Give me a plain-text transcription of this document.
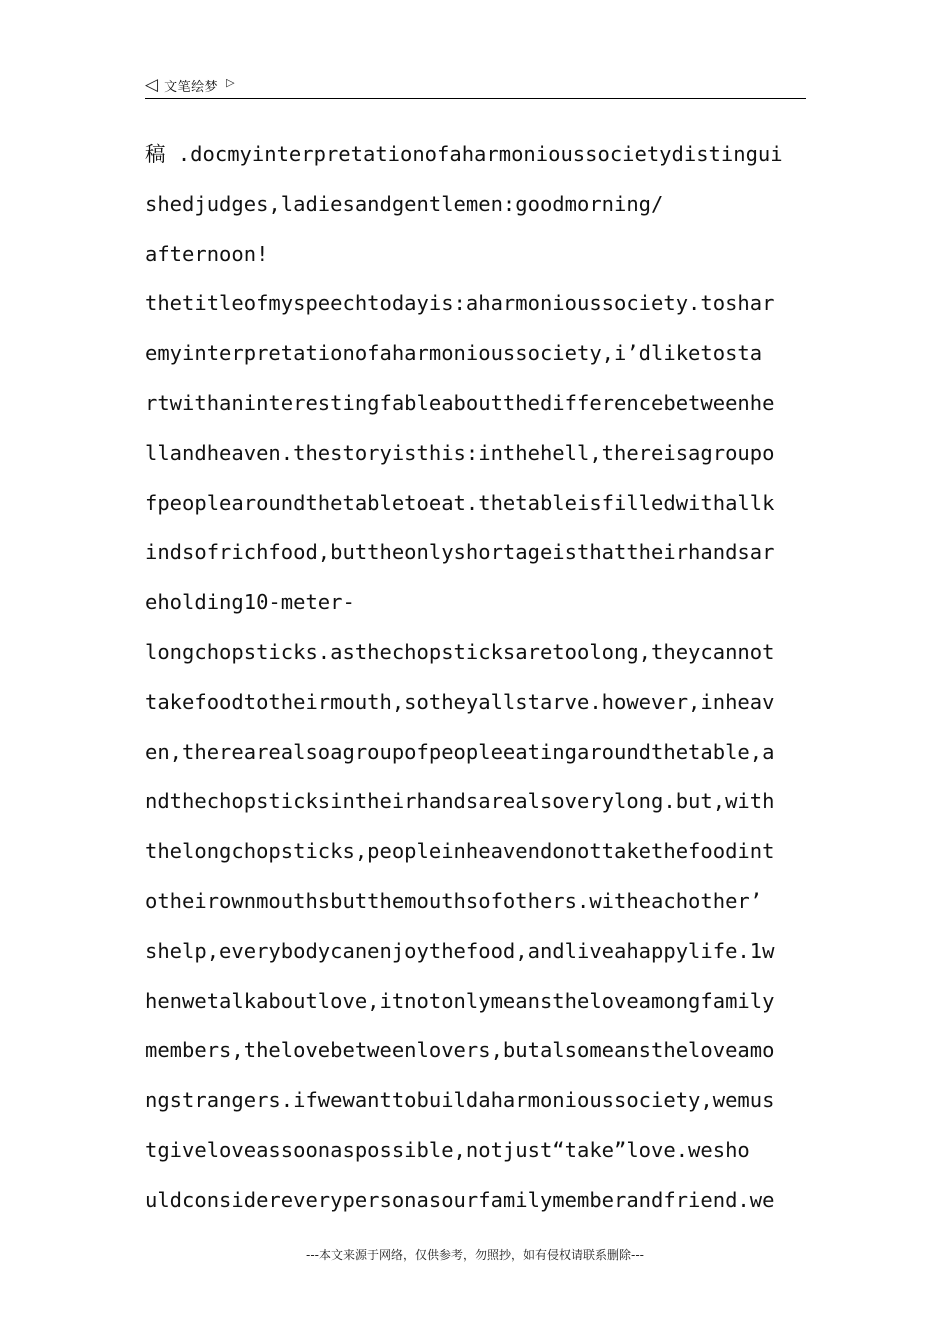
◁ 文笔绘梦 ▷
稿 .docmyinterpretationofaharmonioussocietydistingui
shedjudges,ladiesandgentlemen:goodmorning/
afternoon!
thetitleofmyspeechtodayis:aharmonioussociety.toshar
emyinterpretationofaharmonioussociety,i’dliketosta
rtwithaninterestingfableaboutthedifferencebetweenhe
llandheaven.thestoryisthis:inthehell,thereisagroupo
fpeoplearoundthetabletoeat.thetableisfilledwithallk
indsofrichfood,buttheonlyshortageisthattheirhandsar
eholding10-meter-
longchopsticks.asthechopsticksaretoolong,theycannot
takefoodtotheirmouth,sotheyallstarve.however,inheav
en,therearealsoagroupofpeopleeatingaroundthetable,a
ndthechopsticksintheirhandsarealsoverylong.but,with
thelongchopsticks,peopleinheavendonottakethefoodint
otheirownmouthsbutthemouthsofothers.witheachother’
shelp,everybodycanenjoythefood,andliveahappylife.1w
henwetalkaboutlove,itnotonlymeanstheloveamongfamily
members,thelovebetweenlovers,butalsomeanstheloveamo
ngstrangers.ifwewanttobuildaharmonioussociety,wemus
tgiveloveassoonaspossible,notjust“take”love.wesho
uldconsidereverypersonasourfamilymemberandfriend.we
---本文来源于网络，仅供参考，勿照抄，如有侵权请联系删除---
